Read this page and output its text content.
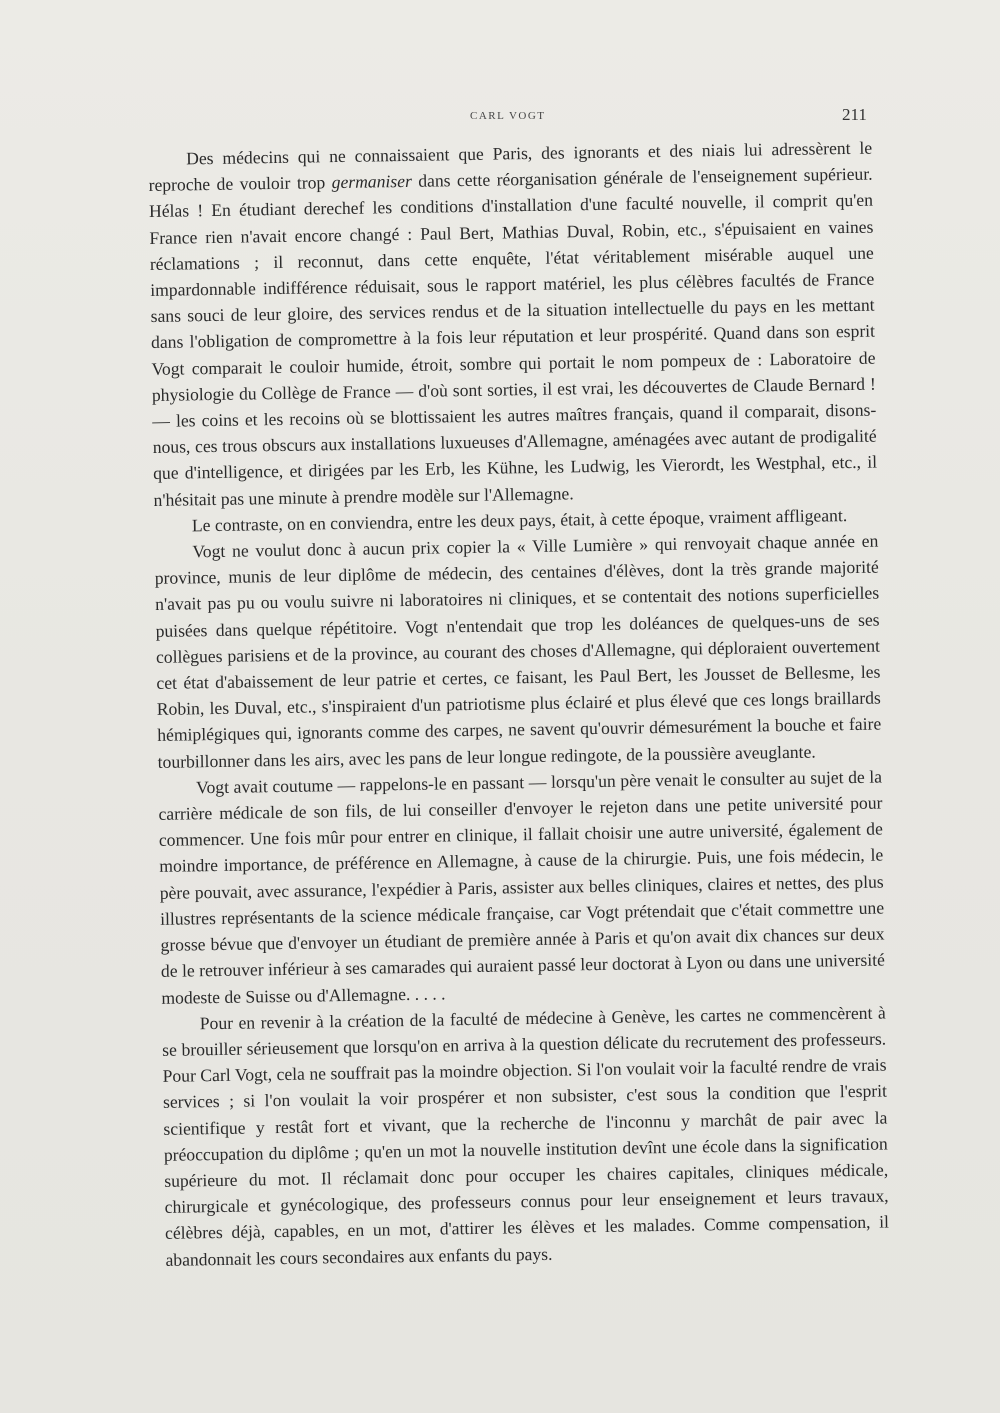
CARL VOGT	211

Des médecins qui ne connaissaient que Paris, des ignorants et des niais lui adressèrent le reproche de vouloir trop germaniser dans cette réorganisation générale de l'enseignement supérieur. Hélas ! En étudiant derechef les conditions d'installation d'une faculté nouvelle, il comprit qu'en France rien n'avait encore changé : Paul Bert, Mathias Duval, Robin, etc., s'épuisaient en vaines réclamations ; il reconnut, dans cette enquête, l'état véritablement misérable auquel une impardonnable indifférence réduisait, sous le rapport matériel, les plus célèbres facultés de France sans souci de leur gloire, des services rendus et de la situation intellectuelle du pays en les mettant dans l'obligation de compromettre à la fois leur réputation et leur prospérité. Quand dans son esprit Vogt comparait le couloir humide, étroit, sombre qui portait le nom pompeux de : Laboratoire de physiologie du Collège de France — d'où sont sorties, il est vrai, les découvertes de Claude Bernard ! — les coins et les recoins où se blottissaient les autres maîtres français, quand il comparait, disons-nous, ces trous obscurs aux installations luxueuses d'Allemagne, aménagées avec autant de prodigalité que d'intelligence, et dirigées par les Erb, les Kühne, les Ludwig, les Vierordt, les Westphal, etc., il n'hésitait pas une minute à prendre modèle sur l'Allemagne.

Le contraste, on en conviendra, entre les deux pays, était, à cette époque, vraiment affligeant.

Vogt ne voulut donc à aucun prix copier la « Ville Lumière » qui renvoyait chaque année en province, munis de leur diplôme de médecin, des centaines d'élèves, dont la très grande majorité n'avait pas pu ou voulu suivre ni laboratoires ni cliniques, et se contentait des notions superficielles puisées dans quelque répétitoire. Vogt n'entendait que trop les doléances de quelques-uns de ses collègues parisiens et de la province, au courant des choses d'Allemagne, qui déploraient ouvertement cet état d'abaissement de leur patrie et certes, ce faisant, les Paul Bert, les Jousset de Bellesme, les Robin, les Duval, etc., s'inspiraient d'un patriotisme plus éclairé et plus élevé que ces longs braillards hémiplégiques qui, ignorants comme des carpes, ne savent qu'ouvrir démesurément la bouche et faire tourbillonner dans les airs, avec les pans de leur longue redingote, de la poussière aveuglante.

Vogt avait coutume — rappelons-le en passant — lorsqu'un père venait le consulter au sujet de la carrière médicale de son fils, de lui conseiller d'envoyer le rejeton dans une petite université pour commencer. Une fois mûr pour entrer en clinique, il fallait choisir une autre université, également de moindre importance, de préférence en Allemagne, à cause de la chirurgie. Puis, une fois médecin, le père pouvait, avec assurance, l'expédier à Paris, assister aux belles cliniques, claires et nettes, des plus illustres représentants de la science médicale française, car Vogt prétendait que c'était commettre une grosse bévue que d'envoyer un étudiant de première année à Paris et qu'on avait dix chances sur deux de le retrouver inférieur à ses camarades qui auraient passé leur doctorat à Lyon ou dans une université modeste de Suisse ou d'Allemagne. . . . .

Pour en revenir à la création de la faculté de médecine à Genève, les cartes ne commencèrent à se brouiller sérieusement que lorsqu'on en arriva à la question délicate du recrutement des professeurs. Pour Carl Vogt, cela ne souffrait pas la moindre objection. Si l'on voulait voir la faculté rendre de vrais services ; si l'on voulait la voir prospérer et non subsister, c'est sous la condition que l'esprit scientifique y restât fort et vivant, que la recherche de l'inconnu y marchât de pair avec la préoccupation du diplôme ; qu'en un mot la nouvelle institution devînt une école dans la signification supérieure du mot. Il réclamait donc pour occuper les chaires capitales, cliniques médicale, chirurgicale et gynécologique, des professeurs connus pour leur enseignement et leurs travaux, célèbres déjà, capables, en un mot, d'attirer les élèves et les malades. Comme compensation, il abandonnait les cours secondaires aux enfants du pays.
